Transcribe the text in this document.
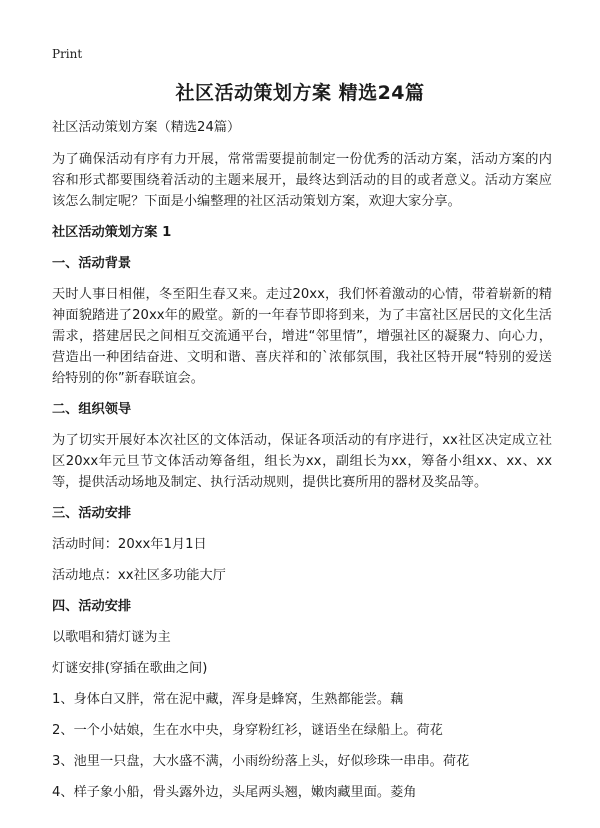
Print
社区活动策划方案 精选24篇
社区活动策划方案（精选24篇）
为了确保活动有序有力开展，常常需要提前制定一份优秀的活动方案，活动方案的内容和形式都要围绕着活动的主题来展开，最终达到活动的目的或者意义。活动方案应该怎么制定呢？下面是小编整理的社区活动策划方案，欢迎大家分享。
社区活动策划方案 1
一、活动背景
天时人事日相催，冬至阳生春又来。走过20xx，我们怀着激动的心情，带着崭新的精神面貌踏进了20xx年的殿堂。新的一年春节即将到来，为了丰富社区居民的文化生活需求，搭建居民之间相互交流通平台，增进“邻里情”，增强社区的凝聚力、向心力，营造出一种团结奋进、文明和谐、喜庆祥和的`浓郁氛围，我社区特开展“特别的爱送给特别的你”新春联谊会。
二、组织领导
为了切实开展好本次社区的文体活动，保证各项活动的有序进行，xx社区决定成立社区20xx年元旦节文体活动筹备组，组长为xx，副组长为xx，筹备小组xx、xx、xx等，提供活动场地及制定、执行活动规则，提供比赛所用的器材及奖品等。
三、活动安排
活动时间：20xx年1月1日
活动地点：xx社区多功能大厅
四、活动安排
以歌唱和猜灯谜为主
灯谜安排(穿插在歌曲之间)
1、身体白又胖，常在泥中藏，浑身是蜂窝，生熟都能尝。藕
2、一个小姑娘，生在水中央，身穿粉红衫，谜语坐在绿船上。荷花
3、池里一只盘，大水盛不满，小雨纷纷落上头，好似珍珠一串串。荷花
4、样子象小船，骨头露外边，头尾两头翘，嫩肉藏里面。菱角
